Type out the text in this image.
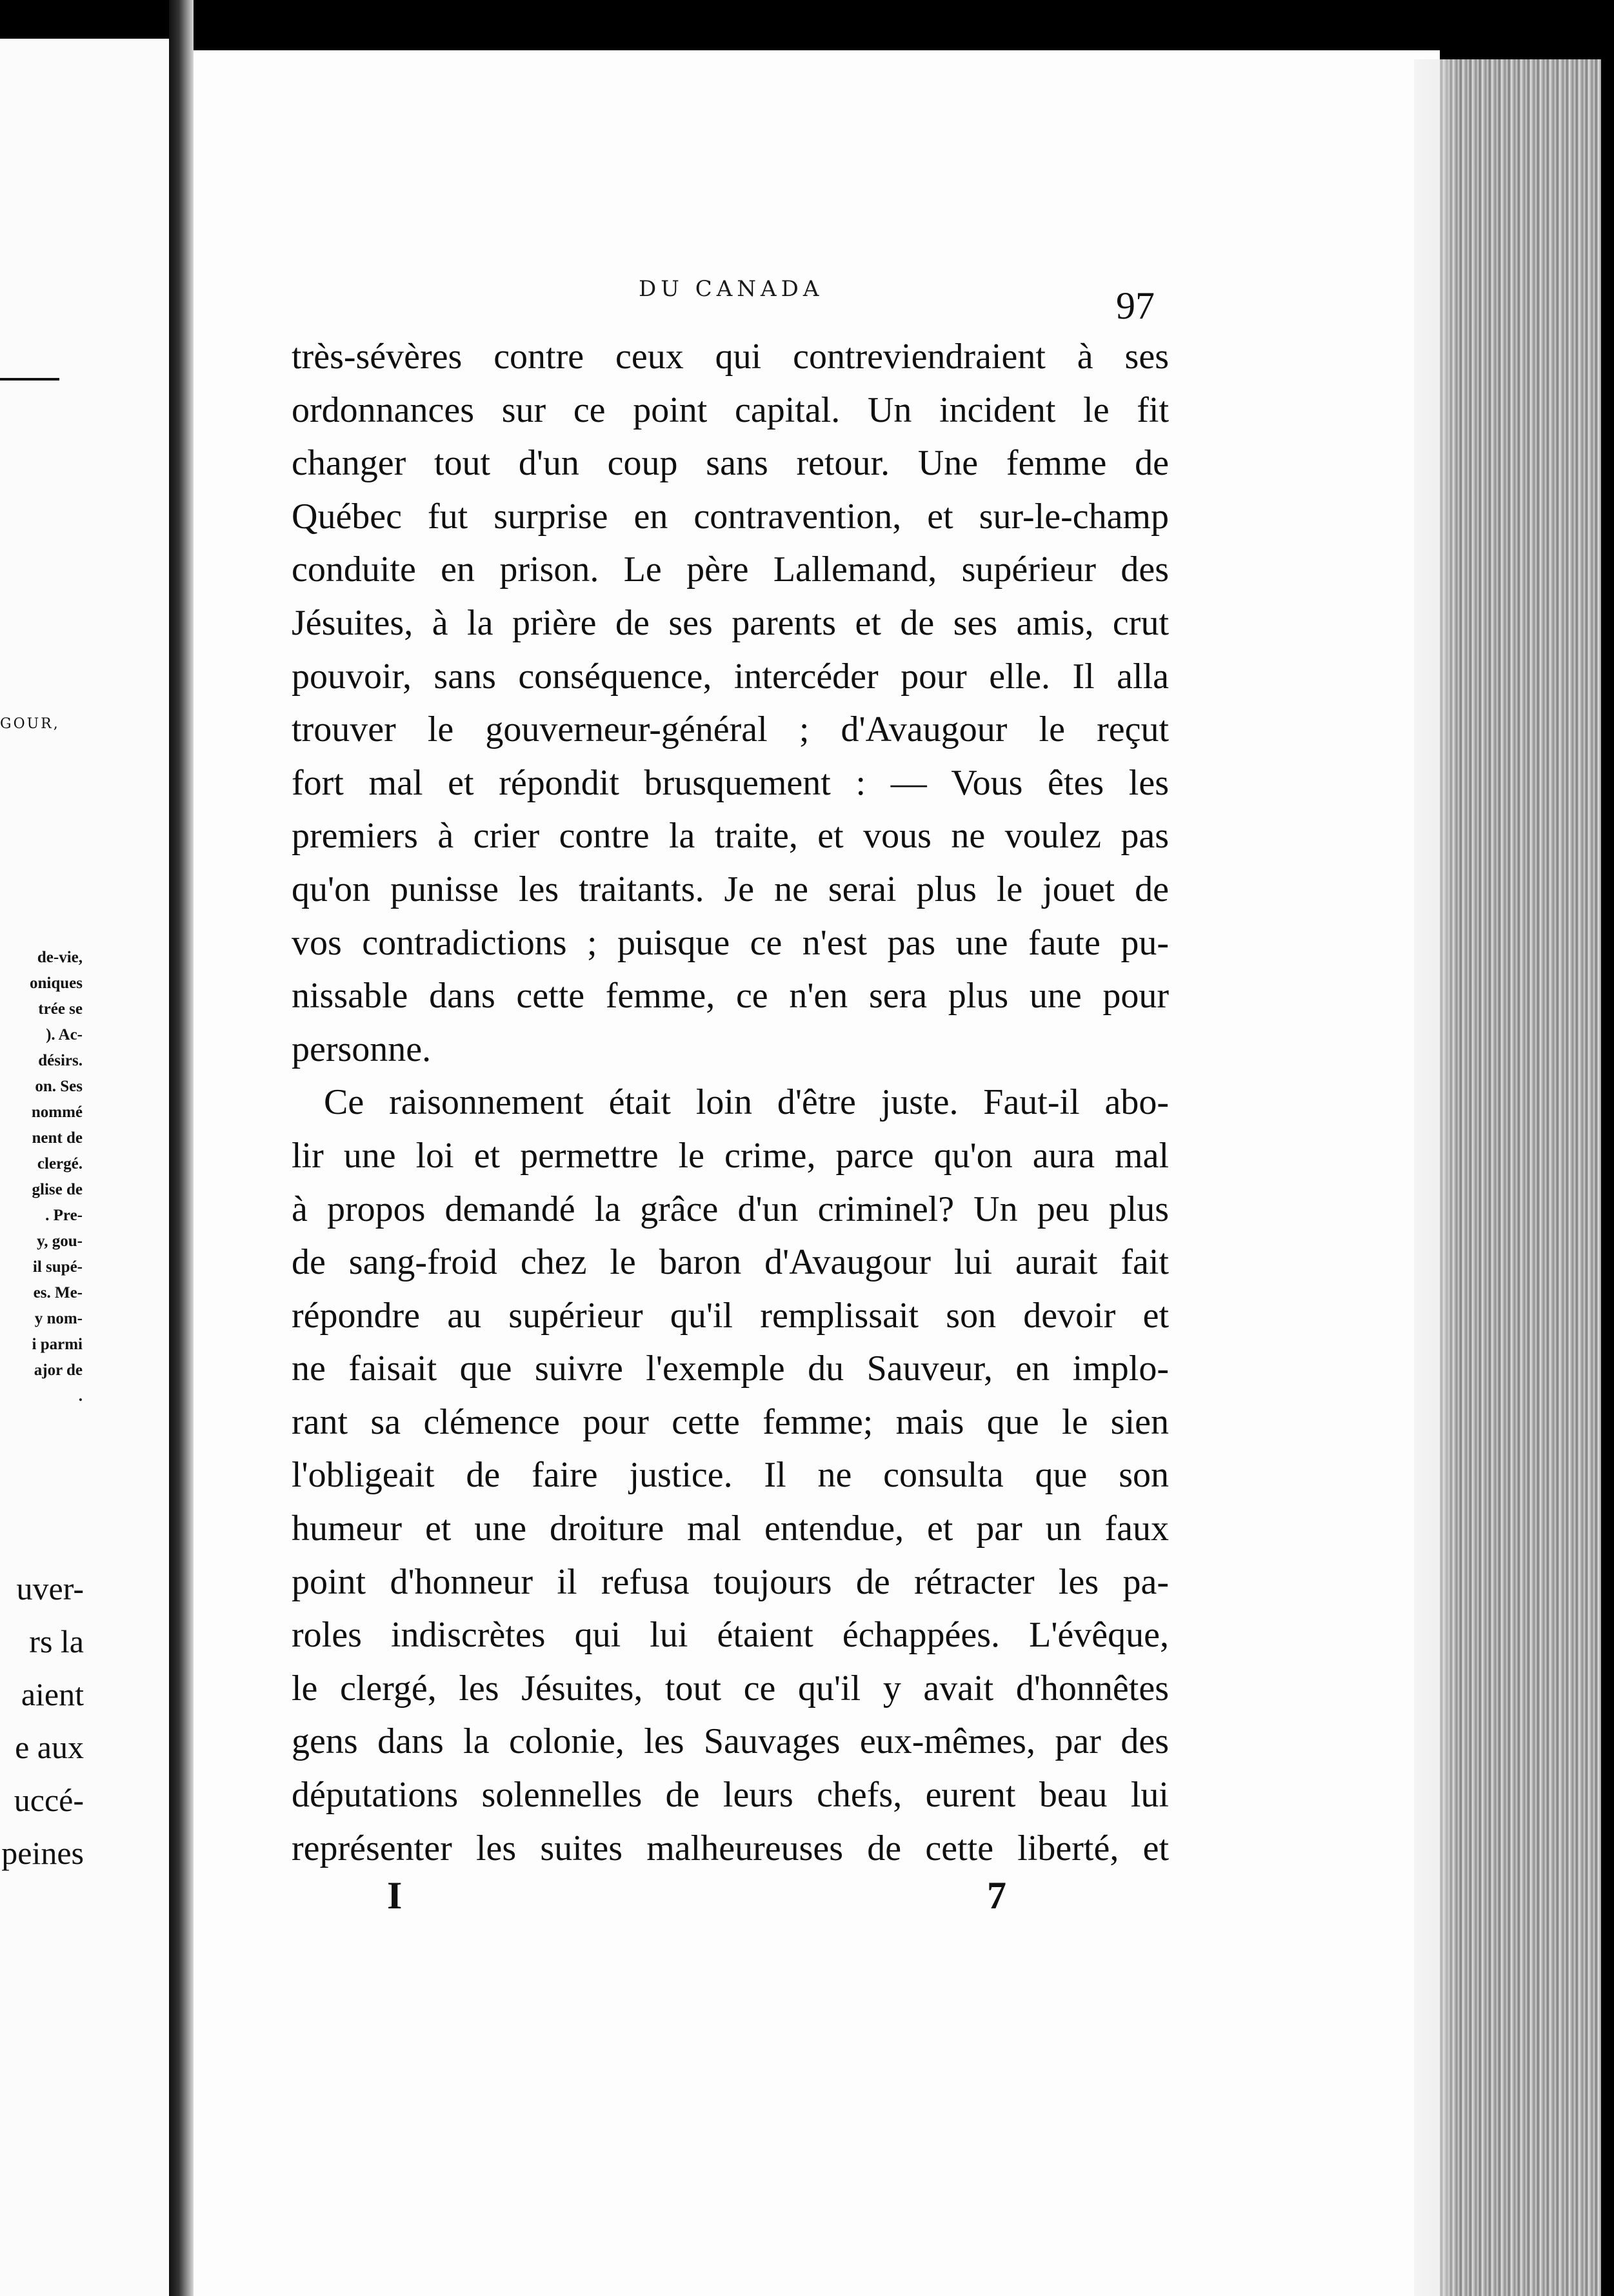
GOUR,
de-vie,
oniques
trée se
). Ac-
désirs.
on. Ses
nommé
nent de
clergé.
glise de
. Pre-
y, gou-
il supé-
es. Me-
y nom-
i parmi
ajor de
.
uver-
rs la
aient
e aux
uccé-
peines
DU CANADA	97
très-sévères contre ceux qui contreviendraient à ses
ordonnances sur ce point capital. Un incident le fit
changer tout d'un coup sans retour. Une femme de
Québec fut surprise en contravention, et sur-le-champ
conduite en prison. Le père Lallemand, supérieur des
Jésuites, à la prière de ses parents et de ses amis, crut
pouvoir, sans conséquence, intercéder pour elle. Il alla
trouver le gouverneur-général ; d'Avaugour le reçut
fort mal et répondit brusquement : — Vous êtes les
premiers à crier contre la traite, et vous ne voulez pas
qu'on punisse les traitants. Je ne serai plus le jouet de
vos contradictions ; puisque ce n'est pas une faute pu-
nissable dans cette femme, ce n'en sera plus une pour
personne.
Ce raisonnement était loin d'être juste. Faut-il abo-
lir une loi et permettre le crime, parce qu'on aura mal
à propos demandé la grâce d'un criminel? Un peu plus
de sang-froid chez le baron d'Avaugour lui aurait fait
répondre au supérieur qu'il remplissait son devoir et
ne faisait que suivre l'exemple du Sauveur, en implo-
rant sa clémence pour cette femme; mais que le sien
l'obligeait de faire justice. Il ne consulta que son
humeur et une droiture mal entendue, et par un faux
point d'honneur il refusa toujours de rétracter les pa-
roles indiscrètes qui lui étaient échappées. L'évêque,
le clergé, les Jésuites, tout ce qu'il y avait d'honnêtes
gens dans la colonie, les Sauvages eux-mêmes, par des
députations solennelles de leurs chefs, eurent beau lui
représenter les suites malheureuses de cette liberté, et
I	7
